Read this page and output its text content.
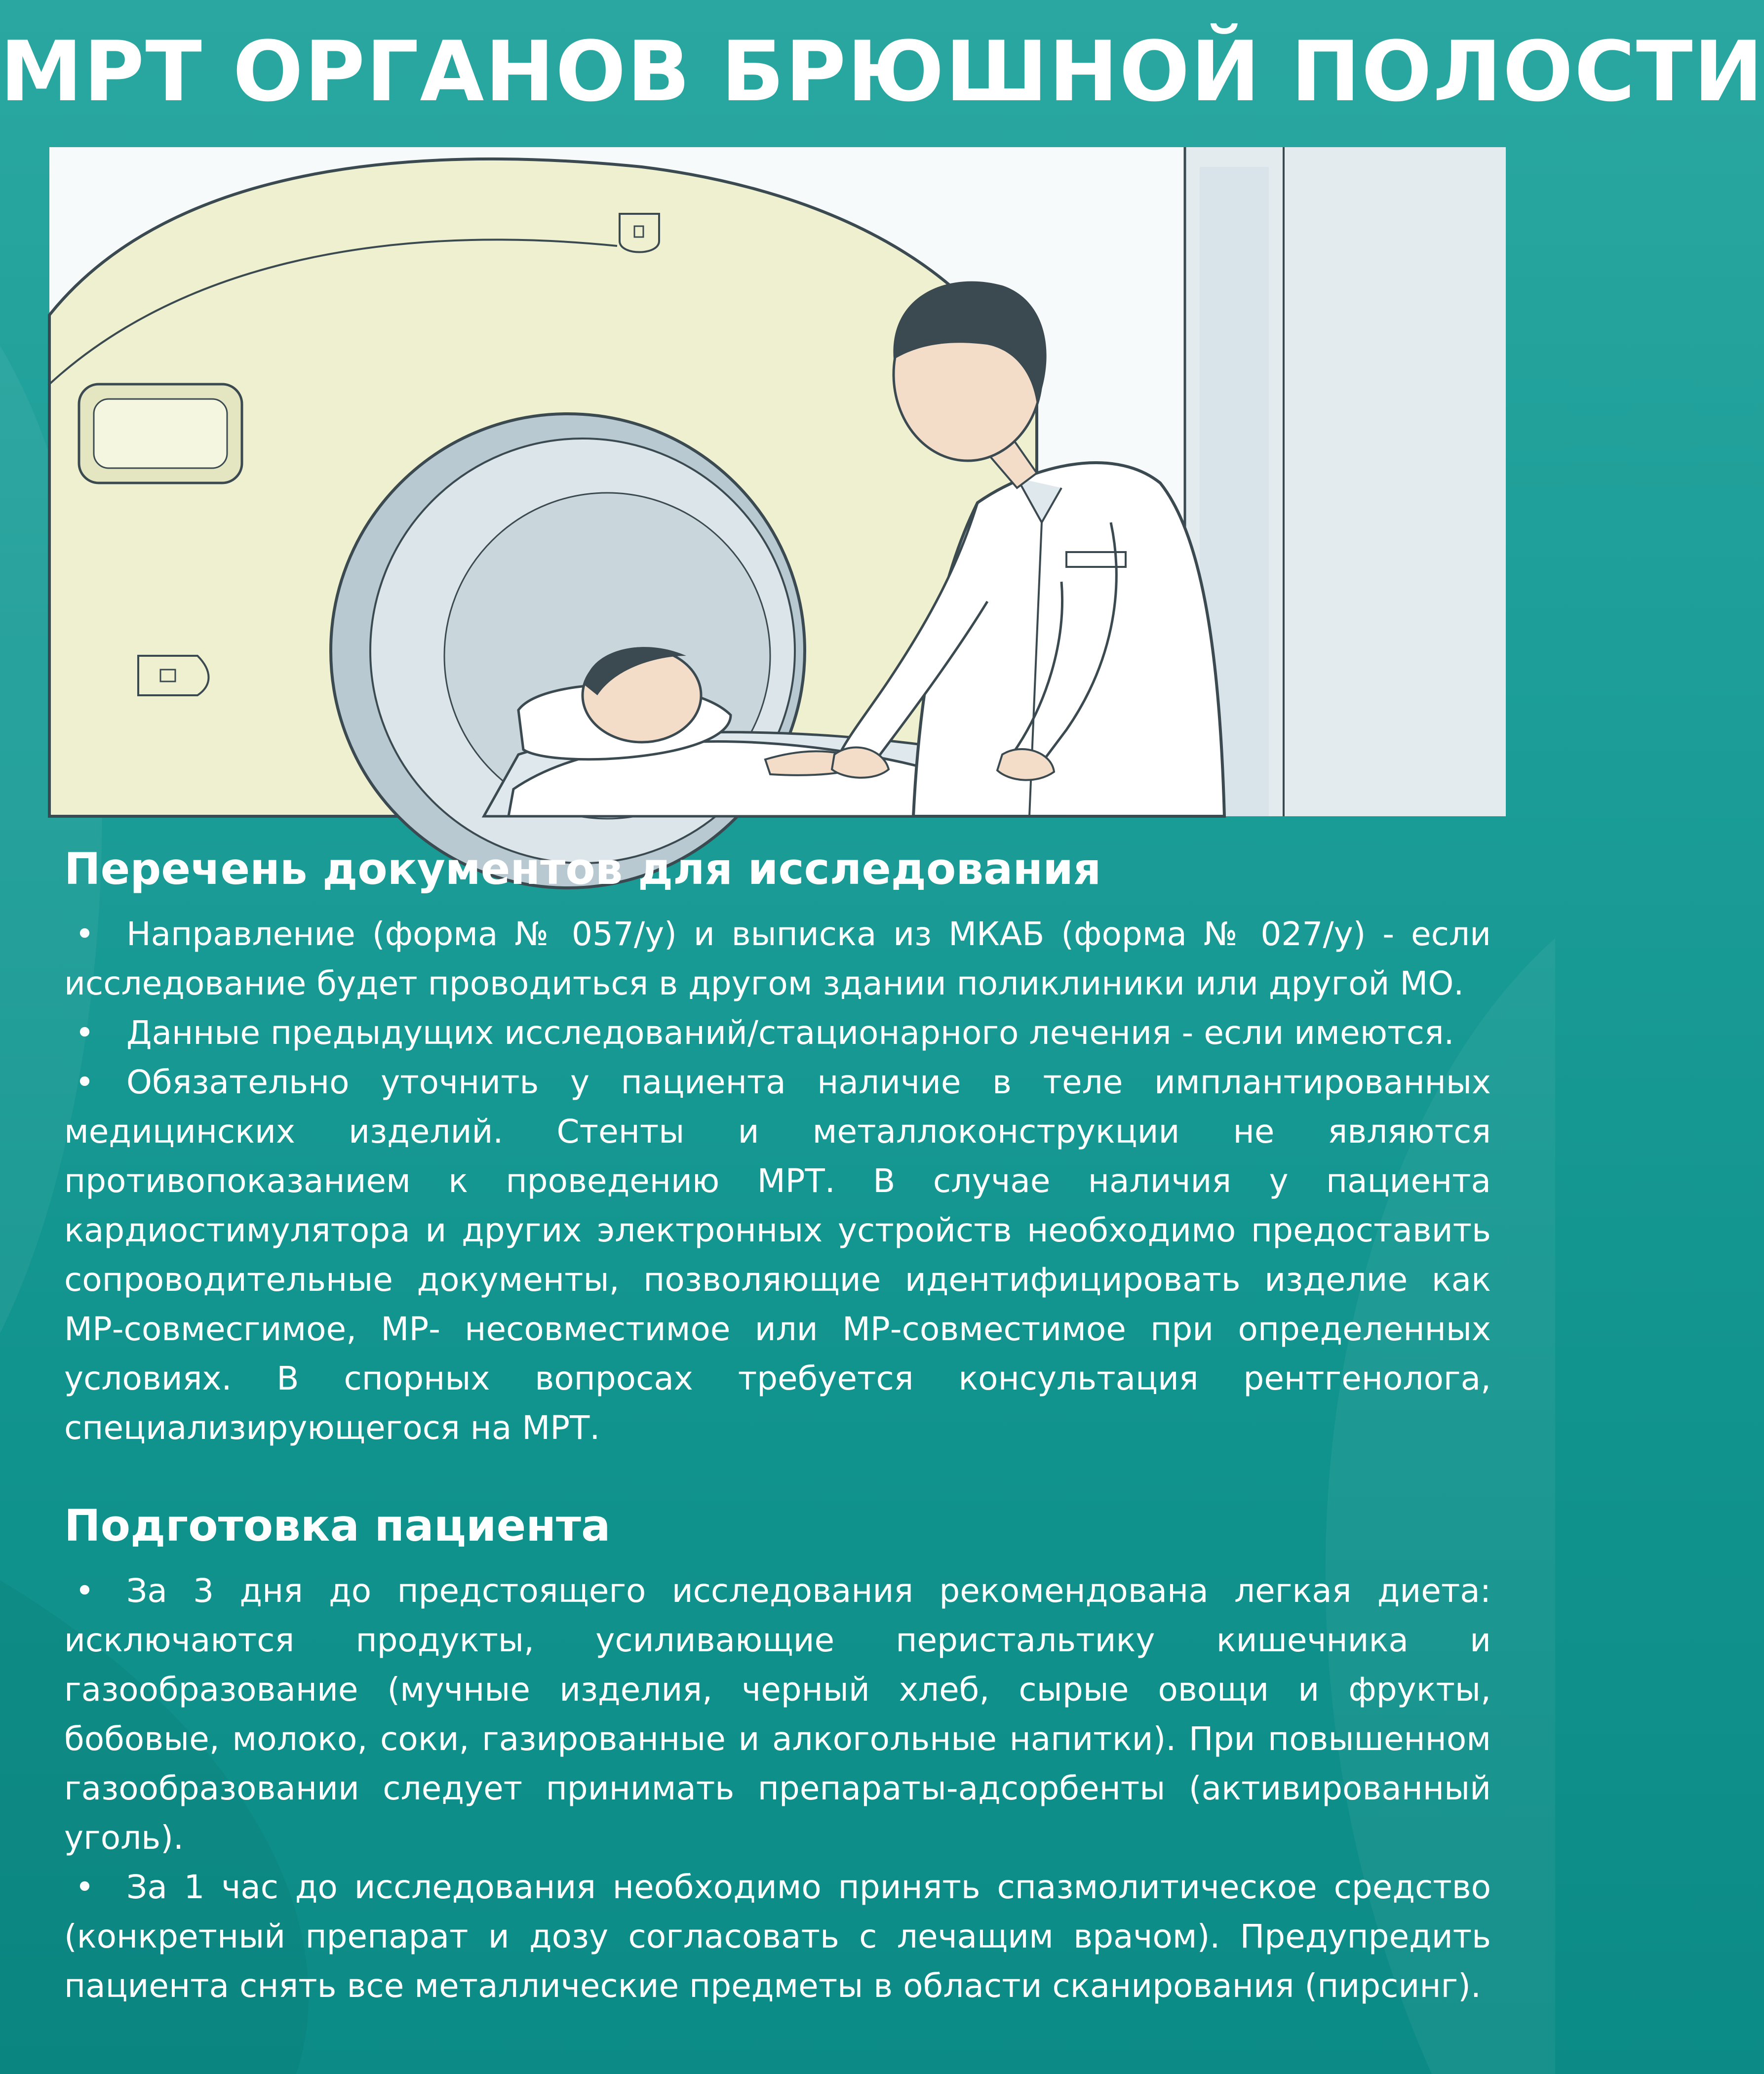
МРТ ОРГАНОВ БРЮШНОЙ ПОЛОСТИ
Перечень документов для исследования
• Направление (форма № 057/у) и выписка из МКАБ (форма № 027/у) - если исследование будет проводиться в другом здании поликлиники или другой МО.
• Данные предыдущих исследований/стационарного лечения - если имеются.
• Обязательно уточнить у пациента наличие в теле имплантированных медицинских изделий. Стенты и металлоконструкции не являются противопоказанием к проведению МРТ. В случае наличия у пациента кардиостимулятора и других электронных устройств необходимо предоставить сопроводительные документы, позволяющие идентифицировать изделие как МР-совмесгимое, МР- несовместимое или МР-совместимое при определенных условиях. В спорных вопросах требуется консультация рентгенолога, специализирующегося на МРТ.
Подготовка пациента
• За 3 дня до предстоящего исследования рекомендована легкая диета: исключаются продукты, усиливающие перистальтику кишечника и газообразование (мучные изделия, черный хлеб, сырые овощи и фрукты, бобовые, молоко, соки, газированные и алкогольные напитки). При повышенном газообразовании следует принимать препараты-адсорбенты (активированный уголь).
• За 1 час до исследования необходимо принять спазмолитическое средство (конкретный препарат и дозу согласовать с лечащим врачом). Предупредить пациента снять все металлические предметы в области сканирования (пирсинг).
